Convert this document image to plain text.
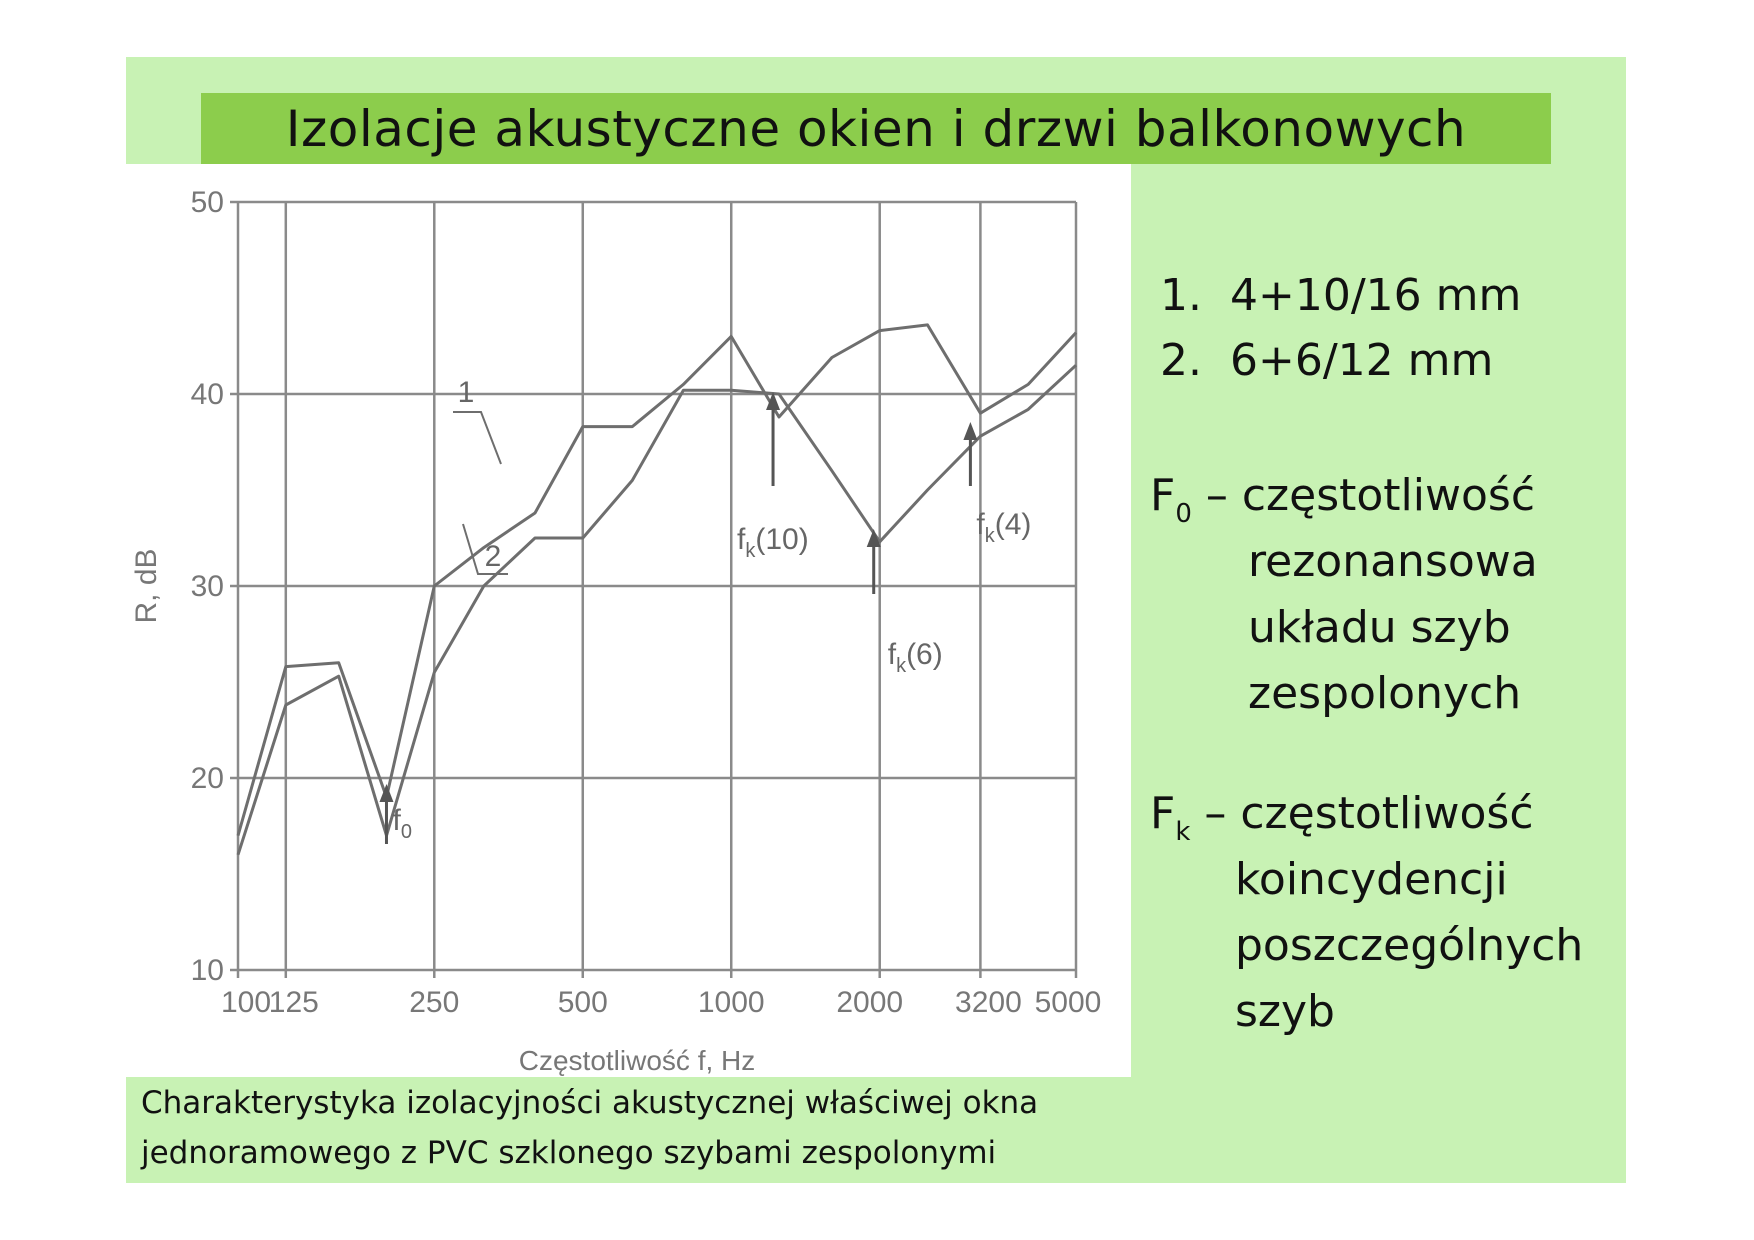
Izolacje akustyczne okien i drzwi balkonowych
10
20
30
40
50
100
125	250	500	1000 2000 3200 5000
Częstotliwość f, Hz
R, dB
1
2
$f_0$
$f_k(10)$
$f_k(6)$
$f_k(4)$
Charakterystyka izolacyjności akustycznej właściwej okna
jednoramowego z PVC szklonego szybami zespolonymi
1. 4+10/16 mm
2. 6+6/12 mm
$F_0$ – częstotliwość
rezonansowa
układu szyb
zespolonych
$F_k$ – częstotliwość
koincydencji
poszczególnych
szyb
